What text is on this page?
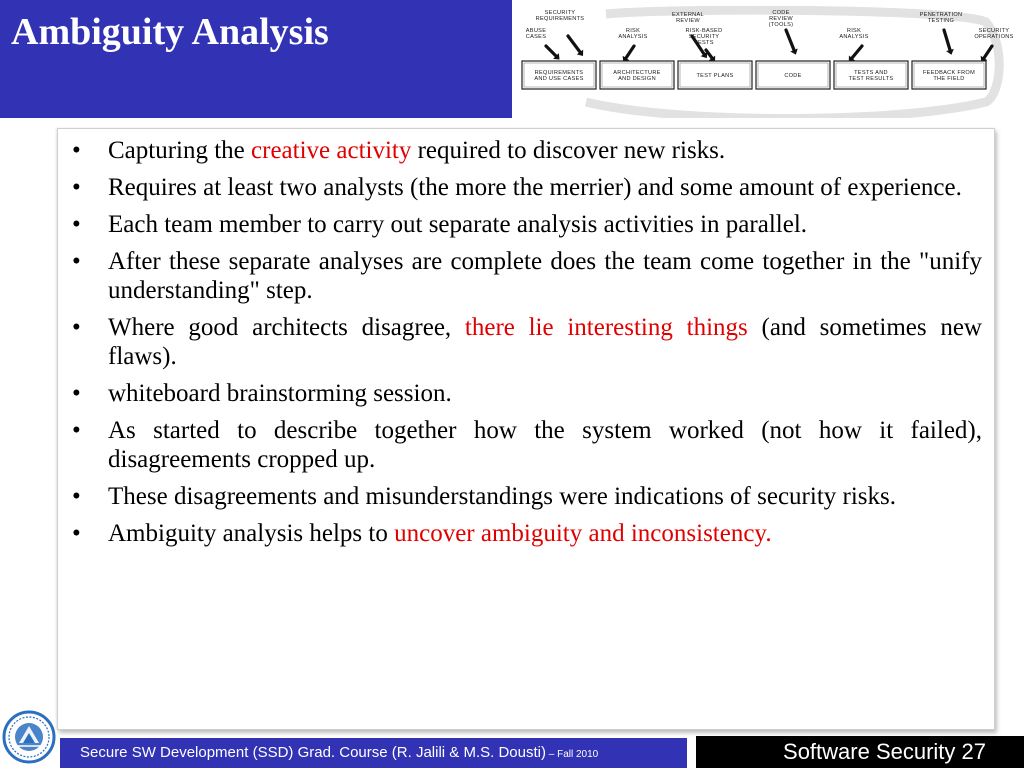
Ambiguity Analysis	SECURITY
REQUIREMENTS
ABUSE
CASES
RISK
ANALYSIS
EXTERNAL
REVIEW
RISK-BASED
SECURITY
TESTS
CODE
REVIEW
(TOOLS)
RISK
ANALYSIS
PENETRATION
TESTING
SECURITY
OPERATIONS
REQUIREMENTS
AND USE CASES
ARCHITECTURE
AND DESIGN	TEST PLANS	CODE	TESTS AND
TEST RESULTS
FEEDBACK FROM
THE FIELD
• Capturing the creative activity required to discover new risks.
• Requires at least two analysts (the more the merrier) and some amount of experience.
• Each team member to carry out separate analysis activities in parallel.
• After these separate analyses are complete does the team come together in the "unify understanding" step.
• Where good architects disagree, there lie interesting things (and sometimes new flaws).
• whiteboard brainstorming session.
• As started to describe together how the system worked (not how it failed), disagreements cropped up.
• These disagreements and misunderstandings were indications of security risks.
• Ambiguity analysis helps to uncover ambiguity and inconsistency.
Secure SW Development (SSD) Grad. Course (R. Jalili & M.S. Dousti) – Fall 2010	Software Security 27
